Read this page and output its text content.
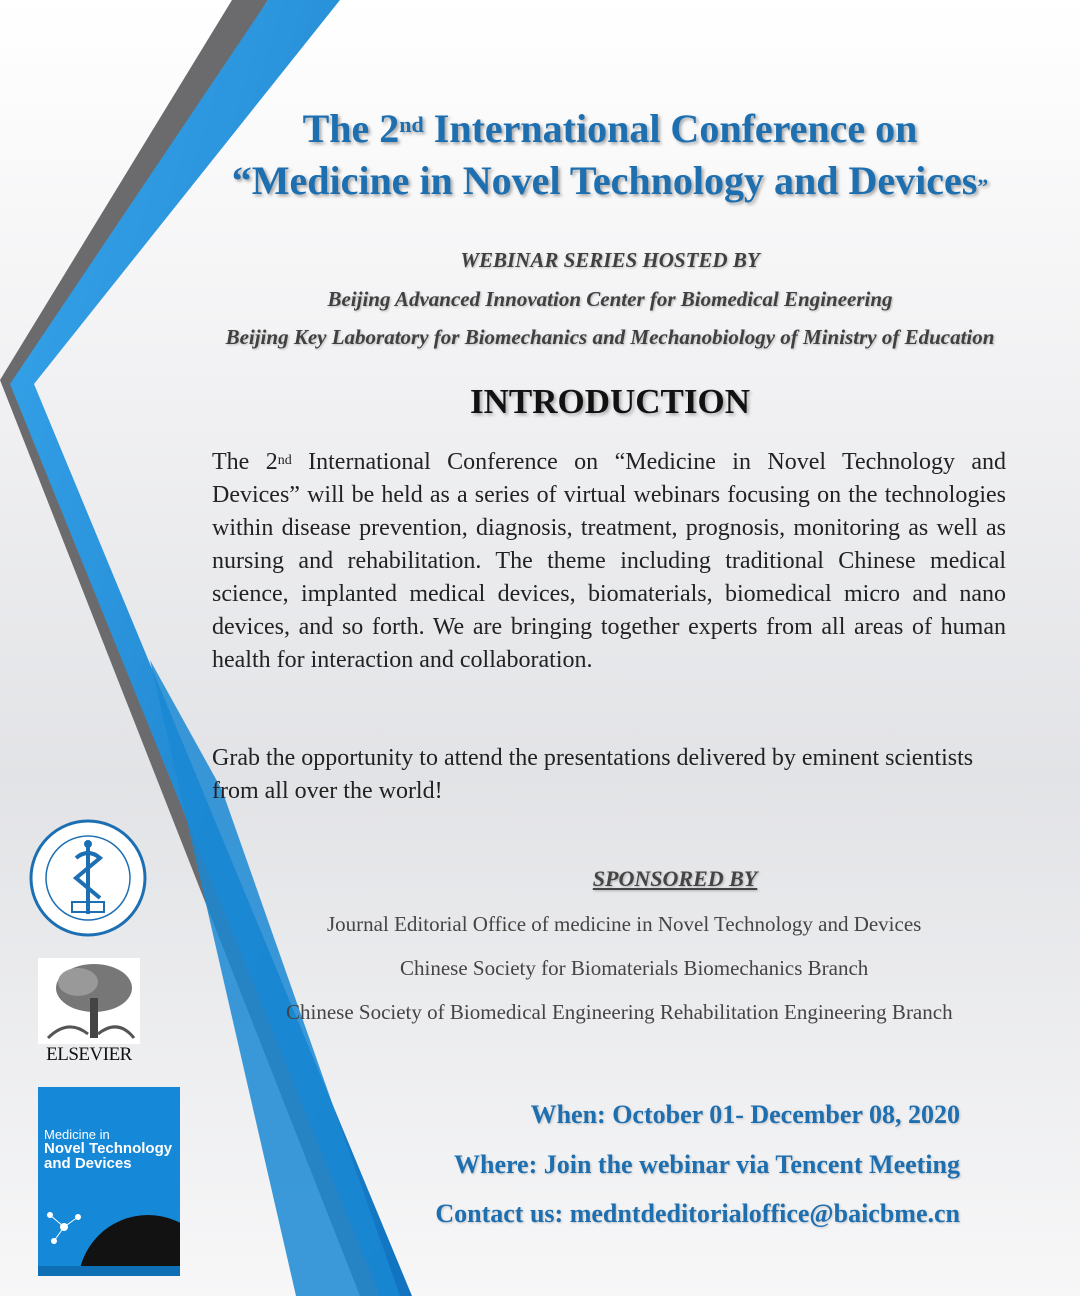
The 2nd International Conference on
“Medicine in Novel Technology and Devices”
WEBINAR SERIES HOSTED BY
Beijing Advanced Innovation Center for Biomedical Engineering
Beijing Key Laboratory for Biomechanics and Mechanobiology of Ministry of Education
INTRODUCTION
The 2nd International Conference on “Medicine in Novel Technology and Devices” will be held as a series of virtual webinars focusing on the technologies within disease prevention, diagnosis, treatment, prognosis, monitoring as well as nursing and rehabilitation. The theme including traditional Chinese medical science, implanted medical devices, biomaterials, biomedical micro and nano devices, and so forth. We are bringing together experts from all areas of human health for interaction and collaboration.
Grab the opportunity to attend the presentations delivered by eminent scientists from all over the world!
SPONSORED BY
Journal Editorial Office of medicine in Novel Technology and Devices
Chinese Society for Biomaterials Biomechanics Branch
Chinese Society of Biomedical Engineering Rehabilitation Engineering Branch
When: October 01- December 08, 2020
Where: Join the webinar via Tencent Meeting
Contact us: medntdeditorialoffice@baicbme.cn
ELSEVIER
Medicine in
Novel Technology and Devices
